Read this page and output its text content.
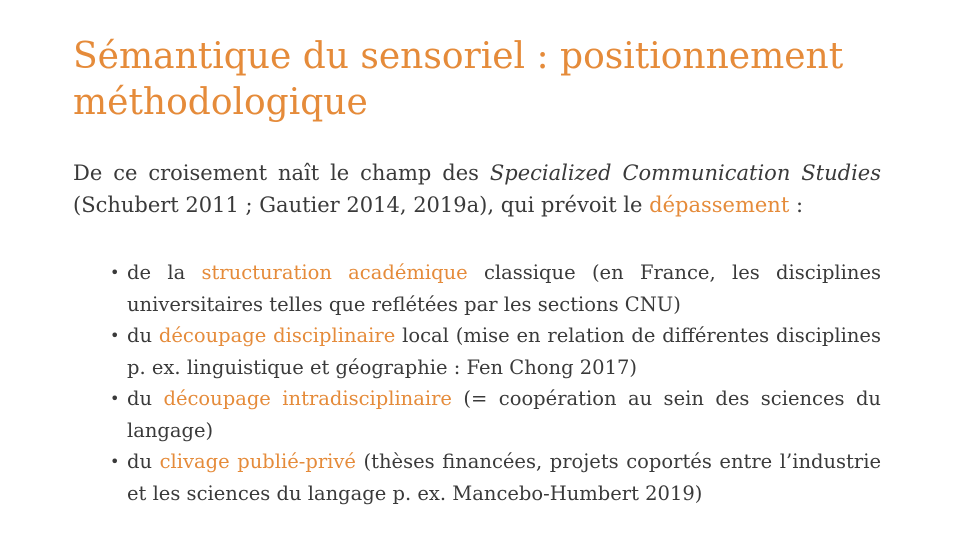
Sémantique du sensoriel : positionnement méthodologique

De ce croisement naît le champ des Specialized Communication Studies (Schubert 2011 ; Gautier 2014, 2019a), qui prévoit le dépassement :

• de la structuration académique classique (en France, les disciplines universitaires telles que reflétées par les sections CNU)
• du découpage disciplinaire local (mise en relation de différentes disciplines p. ex. linguistique et géographie : Fen Chong 2017)
• du découpage intradisciplinaire (= coopération au sein des sciences du langage)
• du clivage publié-privé (thèses financées, projets coportés entre l’industrie et les sciences du langage p. ex. Mancebo-Humbert 2019)
